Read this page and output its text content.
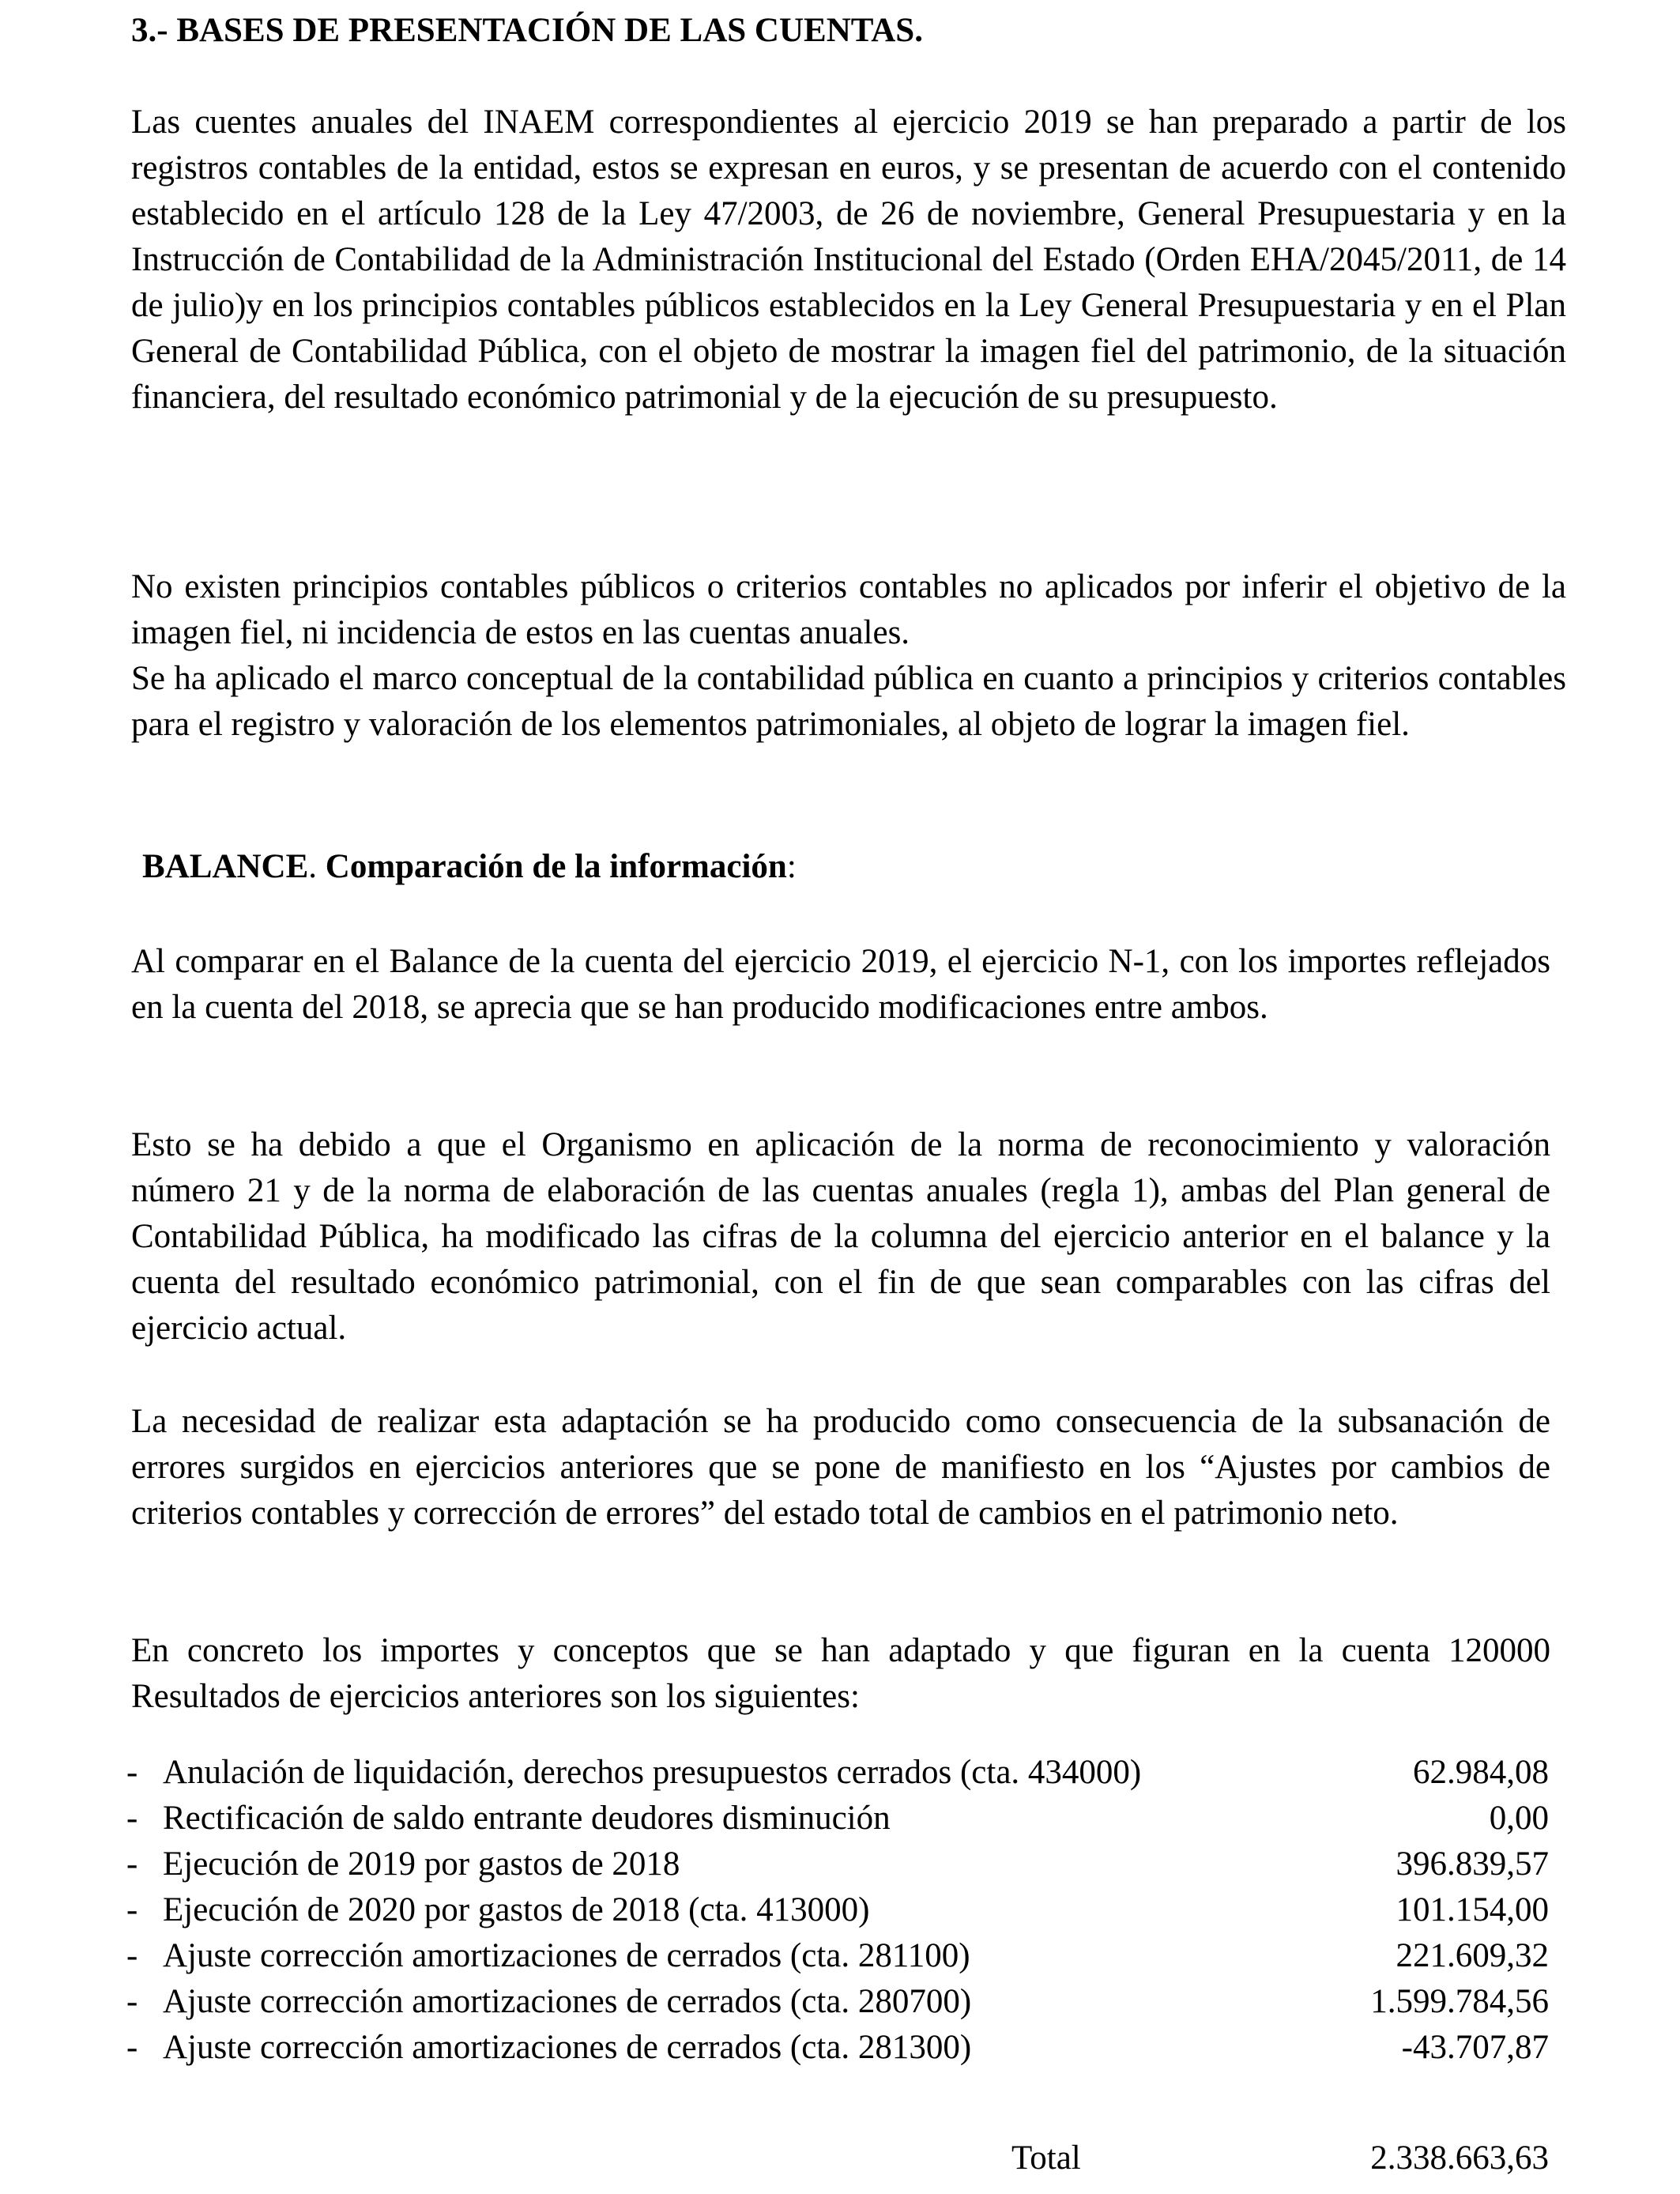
3.- BASES DE PRESENTACIÓN DE LAS CUENTAS.

Las cuentes anuales del INAEM correspondientes al ejercicio 2019 se han preparado a partir de los registros contables de la entidad, estos se expresan en euros, y se presentan de acuerdo con el contenido establecido en el artículo 128 de la Ley 47/2003, de 26 de noviembre, General Presupuestaria y en la Instrucción de Contabilidad de la Administración Institucional del Estado (Orden EHA/2045/2011, de 14 de julio)y en los principios contables públicos establecidos en la Ley General Presupuestaria y en el Plan General de Contabilidad Pública, con el objeto de mostrar la imagen fiel del patrimonio, de la situación financiera, del resultado económico patrimonial y de la ejecución de su presupuesto.

No existen principios contables públicos o criterios contables no aplicados por inferir el objetivo de la imagen fiel, ni incidencia de estos en las cuentas anuales.

Se ha aplicado el marco conceptual de la contabilidad pública en cuanto a principios y criterios contables para el registro y valoración de los elementos patrimoniales, al objeto de lograr la imagen fiel.

BALANCE. Comparación de la información:

Al comparar en el Balance de la cuenta del ejercicio 2019, el ejercicio N-1, con los importes reflejados en la cuenta del 2018, se aprecia que se han producido modificaciones entre ambos.

Esto se ha debido a que el Organismo en aplicación de la norma de reconocimiento y valoración número 21 y de la norma de elaboración de las cuentas anuales (regla 1), ambas del Plan general de Contabilidad Pública, ha modificado las cifras de la columna del ejercicio anterior en el balance y la cuenta del resultado económico patrimonial, con el fin de que sean comparables con las cifras del ejercicio actual.

La necesidad de realizar esta adaptación se ha producido como consecuencia de la subsanación de errores surgidos en ejercicios anteriores que se pone de manifiesto en los “Ajustes por cambios de criterios contables y corrección de errores” del estado total de cambios en el patrimonio neto.

En concreto los importes y conceptos que se han adaptado y que figuran en la cuenta 120000 Resultados de ejercicios anteriores son los siguientes:

- Anulación de liquidación, derechos presupuestos cerrados (cta. 434000)	62.984,08
- Rectificación de saldo entrante deudores disminución	0,00
- Ejecución de 2019 por gastos de 2018	396.839,57
- Ejecución de 2020 por gastos de 2018 (cta. 413000)	101.154,00
- Ajuste corrección amortizaciones de cerrados (cta. 281100)	221.609,32
- Ajuste corrección amortizaciones de cerrados (cta. 280700)	1.599.784,56
- Ajuste corrección amortizaciones de cerrados (cta. 281300)	-43.707,87
Total	2.338.663,63
